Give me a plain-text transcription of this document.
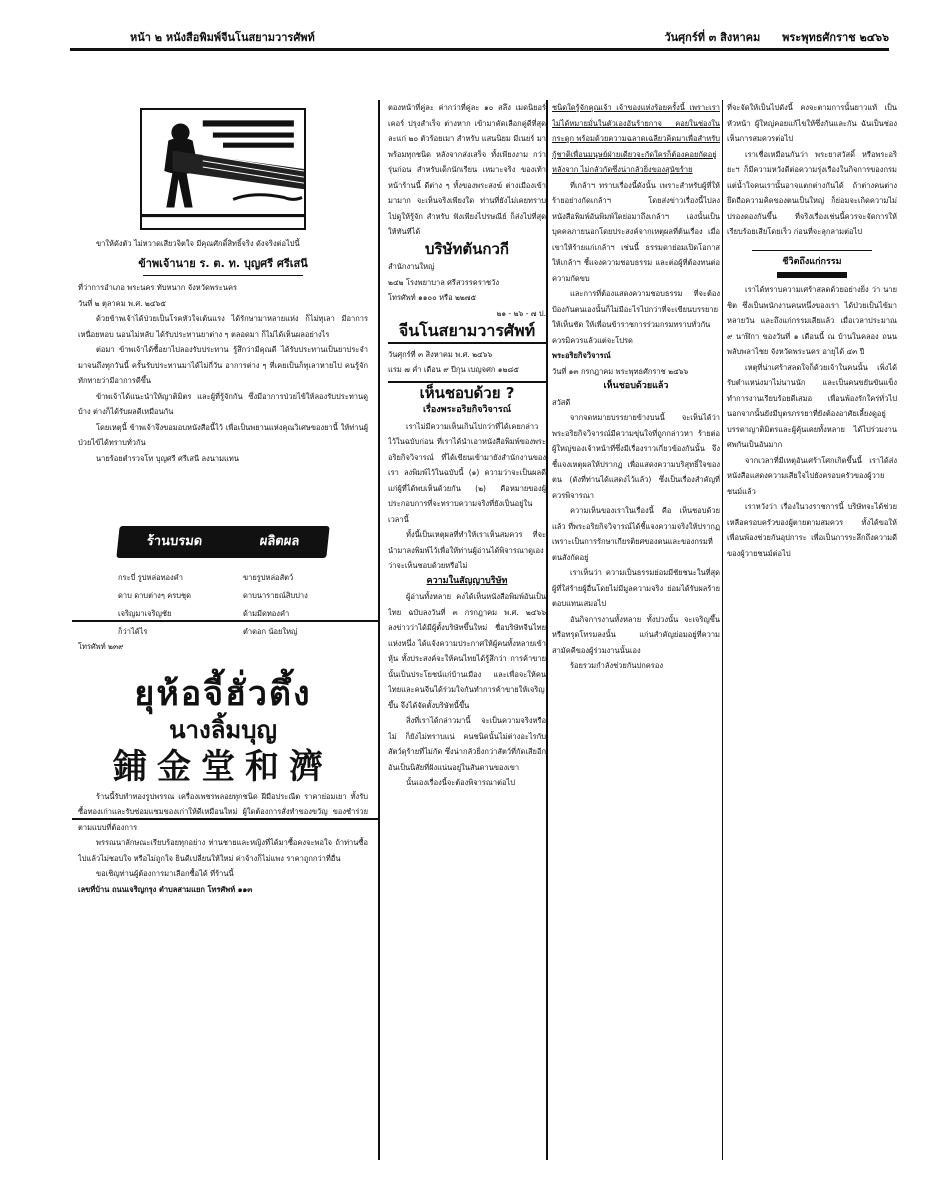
หน้า ๒ หนังสือพิมพ์จีนโนสยามวารศัพท์	วันศุกร์ที่ ๓ สิงหาคม พระพุทธศักราช ๒๔๖๖

ขาให้ดังตัว ไม่หวาดเสียวจิตใจ มีคุณศักดิ์สิทธิ์จริง ดังจริงต่อไปนี้

ข้าพเจ้านาย ร. ต. ท. บุญศรี ศรีเสนี

ที่ว่าการอำเภอ พระนคร ทับหนาก จังหวัดพระนคร

วันที่ ๒ ตุลาคม พ.ศ. ๒๔๖๕

ด้วยข้าพเจ้าได้ป่วยเป็นโรคหัวใจเต้นแรง ได้รักษามาหลายแห่ง ก็ไม่ทุเลา มีอาการเหนื่อยหอบ นอนไม่หลับ ได้รับประทานยาต่าง ๆ ตลอดมา ก็ไม่ได้เห็นผลอย่างไร

ต่อมา ข้าพเจ้าได้ซื้อยาไปลองรับประทาน รู้สึกว่ามีคุณดี ได้รับประทานเป็นยาประจำมาจนถึงทุกวันนี้ ครั้นรับประทานมาได้ไม่กี่วัน อาการต่าง ๆ ที่เคยเป็นก็ทุเลาหายไป คนรู้จักทักทายว่ามีอาการดีขึ้น

ข้าพเจ้าได้แนะนำให้ญาติมิตร และผู้ที่รู้จักกัน ซึ่งมีอาการป่วยไข้ให้ลองรับประทานดูบ้าง ต่างก็ได้รับผลดีเหมือนกัน

โดยเหตุนี้ ข้าพเจ้าจึงขอมอบหนังสือนี้ไว้ เพื่อเป็นพยานแห่งคุณวิเศษของยานี้ ให้ท่านผู้ป่วยไข้ได้ทราบทั่วกัน

นายร้อยตำรวจโท บุญศรี ศรีเสนี ลงนามแทน

ร้านบรมด	ผลิตผล
กระบี่ รูปหล่อทองคำ	ขายรูปหล่อสัตว์
ดาบ ดาบต่างๆ ครบชุด	ดาบนารายณ์สิบปาง
เจริญมาเจริญชัย	ด้ามมีดทองคำ
ก็ว่าได้ไร	ตำดอก น้อยใหญ่

โทรศัพท์ ๒๓๙

ยุห้อจี้ฮั่วตึ้ง
นางลิ้มบุญ
鋪金堂和濟

ร้านนี้รับทำทองรูปพรรณ เครื่องเพชรพลอยทุกชนิด ฝีมือประณีต ราคาย่อมเยา ทั้งรับซื้อทองเก่าและรับซ่อมแซมของเก่าให้ดีเหมือนใหม่ ผู้ใดต้องการสั่งทำของขวัญ ของชำร่วย ตามแบบที่ต้องการ

พรรณนาลักษณะเรียบร้อยทุกอย่าง ท่านชายและหญิงที่ได้มาซื้อคงจะพอใจ ถ้าท่านซื้อไปแล้วไม่ชอบใจ หรือไม่ถูกใจ ยินดีเปลี่ยนให้ใหม่ ค่าจ้างก็ไม่แพง ราคาถูกกว่าที่อื่น

ขอเชิญท่านผู้ต้องการมาเลือกซื้อได้ ที่ร้านนี้

เลขที่บ้าน ถนนเจริญกรุง ตำบลสามแยก โทรศัพท์ ๑๑๓

ตองหน้าที่คู่ละ ค่ากว่าที่คู่ละ ๑๐ สลึง เมดนิยอร์ เคอร์ ปรุงสำเร็จ ต่างหาก เข้ามาคัดเลือกคู่ดีที่สุด ละแก่ ๒๐ ตัวร้อยเมา สำหรับ แสนนิยม มีเนยร์ มาพร้อมทุกชนิด หลังจากส่งเสร็จ ทั้งเพียงงาม กว่ารุ่นก่อน สำหรับเด็กนักเรียน เหมาะจริง ของเท้าหน้าร้านนี้ ดีต่าง ๆ ทั้งของพระสงฆ์ ต่างเมืองเข้ามามาก จะเห็นจริงเพียงใด ท่านที่ยังไม่เคยทราบ ไปดูให้รู้จัก สำหรับ ฟังเพียงไปรษณีย์ ก็ส่งไปที่สุดให้ทันทีได้

บริษัทตันกวกี

สำนักงานใหญ่

๒๔๒ โรงพยาบาล ศรีสวรรคราชวัง

โทรศัพท์ ๑๑๐๐ หรือ ๒๒๗๕

๒๑ - ๒๖ - ๗ ป.

จีนโนสยามวารศัพท์

วันศุกร์ที่ ๓ สิงหาคม พ.ศ. ๒๔๖๖

แรม ๗ ค่ำ เดือน ๙ ปีกุน เบญจศก ๑๒๘๕

เห็นชอบด้วย ?
เรื่องพระอริยกิจวิจารณ์

เราไม่มีความเห็นเกินไปกว่าที่ได้เคยกล่าวไว้ในฉบับก่อน ที่เราได้นำเอาหนังสือพิมพ์ของพระอริยกิจวิจารณ์ ที่ได้เขียนเข้ามายังสำนักงานของเรา ลงพิมพ์ไว้ในฉบับนี้ (๑) ความว่าจะเป็นผลดีแก่ผู้ที่ได้พบเห็นด้วยกัน (๒) คือหมายของผู้ประกอบการที่จะทราบความจริงที่ยังเป็นอยู่ในเวลานี้

ทั้งนี้เป็นเหตุผลที่ทำให้เราเห็นสมควร ที่จะนำมาลงพิมพ์ไว้เพื่อให้ท่านผู้อ่านได้พิจารณาดูเองว่าจะเห็นชอบด้วยหรือไม่

ความในสัญญาบริษัท

ผู้อ่านทั้งหลาย คงได้เห็นหนังสือพิมพ์อันเป็นไทย ฉบับลงวันที่ ๓ กรกฎาคม พ.ศ. ๒๔๖๖ ลงข่าวว่าได้มีผู้ตั้งบริษัทขึ้นใหม่ ชื่อบริษัทจีนไทยแห่งหนึ่ง ได้แจ้งความประกาศให้ผู้คนทั้งหลายเข้าหุ้น ทั้งประสงค์จะให้คนไทยได้รู้สึกว่า การค้าขายนั้นเป็นประโยชน์แก่บ้านเมือง และเพื่อจะให้คนไทยและคนจีนได้ร่วมใจกันทำการค้าขายให้เจริญขึ้น จึงได้จัดตั้งบริษัทนี้ขึ้น

สิ่งที่เราได้กล่าวมานี้ จะเป็นความจริงหรือไม่ ก็ยังไม่ทราบแน่ คนชนิดนั้นไม่ต่างอะไรกับสัตว์ดุร้ายที่ไม่กัด ซึ่งน่ากลัวยิ่งกว่าสัตว์ที่กัดเสียอีก อันเป็นนิสัยที่ฝังแน่นอยู่ในสันดานของเขา

นั้นเองเรื่องนี้จะต้องพิจารณาต่อไป

ชนิดใดรู้จักคุณเจ้า เจ้าของแห่งร้อยครั้งนี้ เพราะเราไม่ได้หมายมั่นในตัวเองอันร้ายกาจ คอยในช่องในกระดูก พร้อมด้วยความฉลาดเฉลียวคิดมาเพื่อสำหรับกู้ชาติเพื่อนมนุษย์ฝ่ายเดียวจะกัดใครก็ต้องคอยกัดอยู่ หลังจาก ไม่กลัวกัดซึ่งน่ากลัวยิ่งของสุนัขร้าย

ที่เกล้าฯ ทราบเรื่องนี้ดังนั้น เพราะสำหรับผู้ที่ให้ร้ายอย่างกัดเกล้าฯ โดยส่งข่าวเรื่องนี้ไปลงหนังสือพิมพ์อันพิมพ์ใดย่อมาถึงเกล้าฯ เองนั้นเป็นบุคคลภายนอกโดยประสงค์จากเหตุผลที่ต้นเรื่อง เมื่อเขาให้ร้ายแก่เกล้าฯ เช่นนี้ ธรรมดาย่อมเปิดโอกาสให้เกล้าฯ ชี้แจงความชอบธรรม และต่อผู้ที่ต้องทนต่อความกัดขบ

และการที่ต้องแสดงความชอบธรรม ที่จะต้องป้องกันตนเองนั้นก็ไม่มีอะไรไปกว่าที่จะเขียนบรรยายให้เห็นชัด ให้เพื่อนข้าราชการร่วมกรมทราบทั่วกัน

ควรมิควรแล้วแต่จะโปรด

พระอริยกิจวิจารณ์

วันที่ ๑๓ กรกฎาคม พระพุทธศักราช ๒๔๖๖

เห็นชอบด้วยแล้ว

สวัสดี

จากจดหมายบรรยายข้างบนนี้ จะเห็นได้ว่า พระอริยกิจวิจารณ์มีความขุ่นใจที่ถูกกล่าวหา ร้ายต่อผู้ใหญ่ของเจ้าหน้าที่ซึ่งมีเรื่องราวเกี่ยวข้องกันนั้น จึงชี้แจงเหตุผลให้ปรากฏ เพื่อแสดงความบริสุทธิ์ใจของตน (ดังที่ท่านได้แสดงไว้แล้ว) ซึ่งเป็นเรื่องสำคัญที่ควรพิจารณา

ความเห็นของเราในเรื่องนี้ คือ เห็นชอบด้วยแล้ว ที่พระอริยกิจวิจารณ์ได้ชี้แจงความจริงให้ปรากฏ เพราะเป็นการรักษาเกียรติยศของตนและของกรมที่ตนสังกัดอยู่

เราเห็นว่า ความเป็นธรรมย่อมมีชัยชนะในที่สุด ผู้ที่ใส่ร้ายผู้อื่นโดยไม่มีมูลความจริง ย่อมได้รับผลร้ายตอบแทนเสมอไป

อันกิจการงานทั้งหลาย ทั้งปวงนั้น จะเจริญขึ้นหรือทรุดโทรมลงนั้น แก่นสำคัญย่อมอยู่ที่ความสามัคคีของผู้ร่วมงานนั้นเอง

ร้อยรวมกำลังช่วยกันปกครอง

ที่จะจัดให้เป็นไปดังนี้ คงจะตามการนั้นยาวแท้ เป็นหัวหน้า ผู้ใหญ่คอยแก้ไขให้ซึ่งกันและกัน ฉันเป็นช่องเห็นการสมควรต่อไป

เราเชื่อเหมือนกันว่า พระยาสวัสดิ์ หรือพระอริยะฯ ก็มีความหวังดีต่อความรุ่งเรืองในกิจการของกรม แต่น้ำใจคนเรานั้นอาจแตกต่างกันได้ ถ้าต่างคนต่างยึดถือความคิดของตนเป็นใหญ่ ก็ย่อมจะเกิดความไม่ปรองดองกันขึ้น ที่จริงเรื่องเช่นนี้ควรจะจัดการให้เรียบร้อยเสียโดยเร็ว ก่อนที่จะลุกลามต่อไป

ชีวิตถึงแก่กรรม

เราได้ทราบความเศร้าสลดด้วยอย่างยิ่ง ว่า นายชิต ซึ่งเป็นพนักงานคนหนึ่งของเรา ได้ป่วยเป็นไข้มาหลายวัน และถึงแก่กรรมเสียแล้ว เมื่อเวลาประมาณ ๙ นาฬิกา ของวันที่ ๑ เดือนนี้ ณ บ้านในคลอง ถนนพลับพลาไชย จังหวัดพระนคร อายุได้ ๔๓ ปี

เหตุที่น่าเศร้าสลดใจก็ด้วยเจ้าในคนนั้น เพิ่งได้รับตำแหน่งมาไม่นานนัก และเป็นคนขยันขันแข็ง ทำการงานเรียบร้อยดีเสมอ เพื่อนพ้องรักใคร่ทั่วไป นอกจากนั้นยังมีบุตรภรรยาที่ยังต้องอาศัยเลี้ยงดูอยู่ บรรดาญาติมิตรและผู้คุ้นเคยทั้งหลาย ได้ไปร่วมงานศพกันเป็นอันมาก

จากเวลาที่มีเหตุอันเศร้าโศกเกิดขึ้นนี้ เราได้ส่งหนังสือแสดงความเสียใจไปยังครอบครัวของผู้วายชนม์แล้ว

เราหวังว่า เรื่องในวงราชการนี้ บริษัทจะได้ช่วยเหลือครอบครัวของผู้ตายตามสมควร ทั้งได้ขอให้เพื่อนพ้องช่วยกันอุปการะ เพื่อเป็นการระลึกถึงความดีของผู้วายชนม์ต่อไป
